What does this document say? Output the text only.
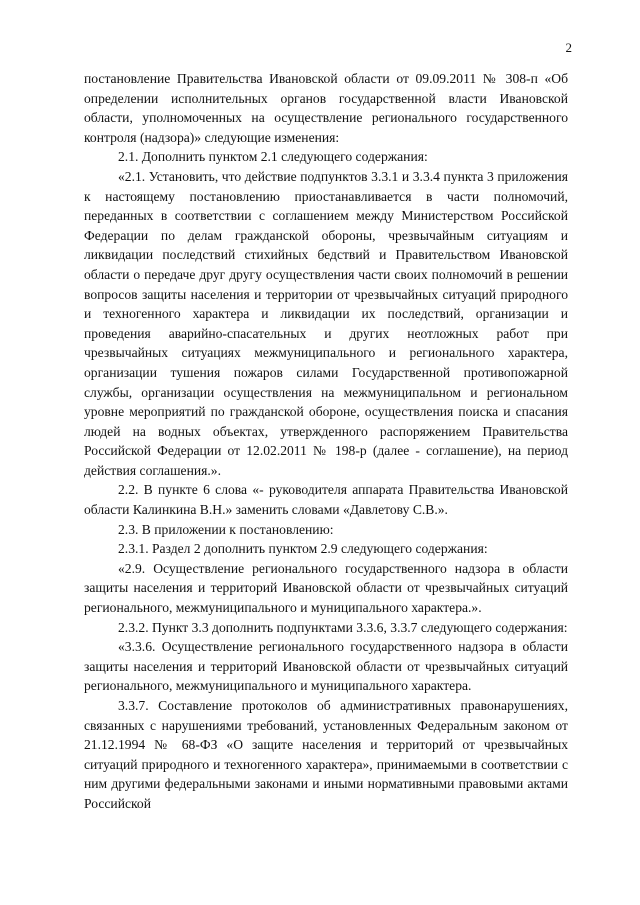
2

постановление Правительства Ивановской области от 09.09.2011 № 308-п «Об определении исполнительных органов государственной власти Ивановской области, уполномоченных на осуществление регионального государственного контроля (надзора)» следующие изменения:

2.1. Дополнить пунктом 2.1 следующего содержания:

«2.1. Установить, что действие подпунктов 3.3.1 и 3.3.4 пункта 3 приложения к настоящему постановлению приостанавливается в части полномочий, переданных в соответствии с соглашением между Министерством Российской Федерации по делам гражданской обороны, чрезвычайным ситуациям и ликвидации последствий стихийных бедствий и Правительством Ивановской области о передаче друг другу осуществления части своих полномочий в решении вопросов защиты населения и территории от чрезвычайных ситуаций природного и техногенного характера и ликвидации их последствий, организации и проведения аварийно-спасательных и других неотложных работ при чрезвычайных ситуациях межмуниципального и регионального характера, организации тушения пожаров силами Государственной противопожарной службы, организации осуществления на межмуниципальном и региональном уровне мероприятий по гражданской обороне, осуществления поиска и спасания людей на водных объектах, утвержденного распоряжением Правительства Российской Федерации от 12.02.2011 № 198-р (далее - соглашение), на период действия соглашения.».

2.2. В пункте 6 слова «- руководителя аппарата Правительства Ивановской области Калинкина В.Н.» заменить словами «Давлетову С.В.».

2.3. В приложении к постановлению:

2.3.1. Раздел 2 дополнить пунктом 2.9 следующего содержания:

«2.9. Осуществление регионального государственного надзора в области защиты населения и территорий Ивановской области от чрезвычайных ситуаций регионального, межмуниципального и муниципального характера.».

2.3.2. Пункт 3.3 дополнить подпунктами 3.3.6, 3.3.7 следующего содержания:

«3.3.6. Осуществление регионального государственного надзора в области защиты населения и территорий Ивановской области от чрезвычайных ситуаций регионального, межмуниципального и муниципального характера.

3.3.7. Составление протоколов об административных правонарушениях, связанных с нарушениями требований, установленных Федеральным законом от 21.12.1994 № 68-ФЗ «О защите населения и территорий от чрезвычайных ситуаций природного и техногенного характера», принимаемыми в соответствии с ним другими федеральными законами и иными нормативными правовыми актами Российской
